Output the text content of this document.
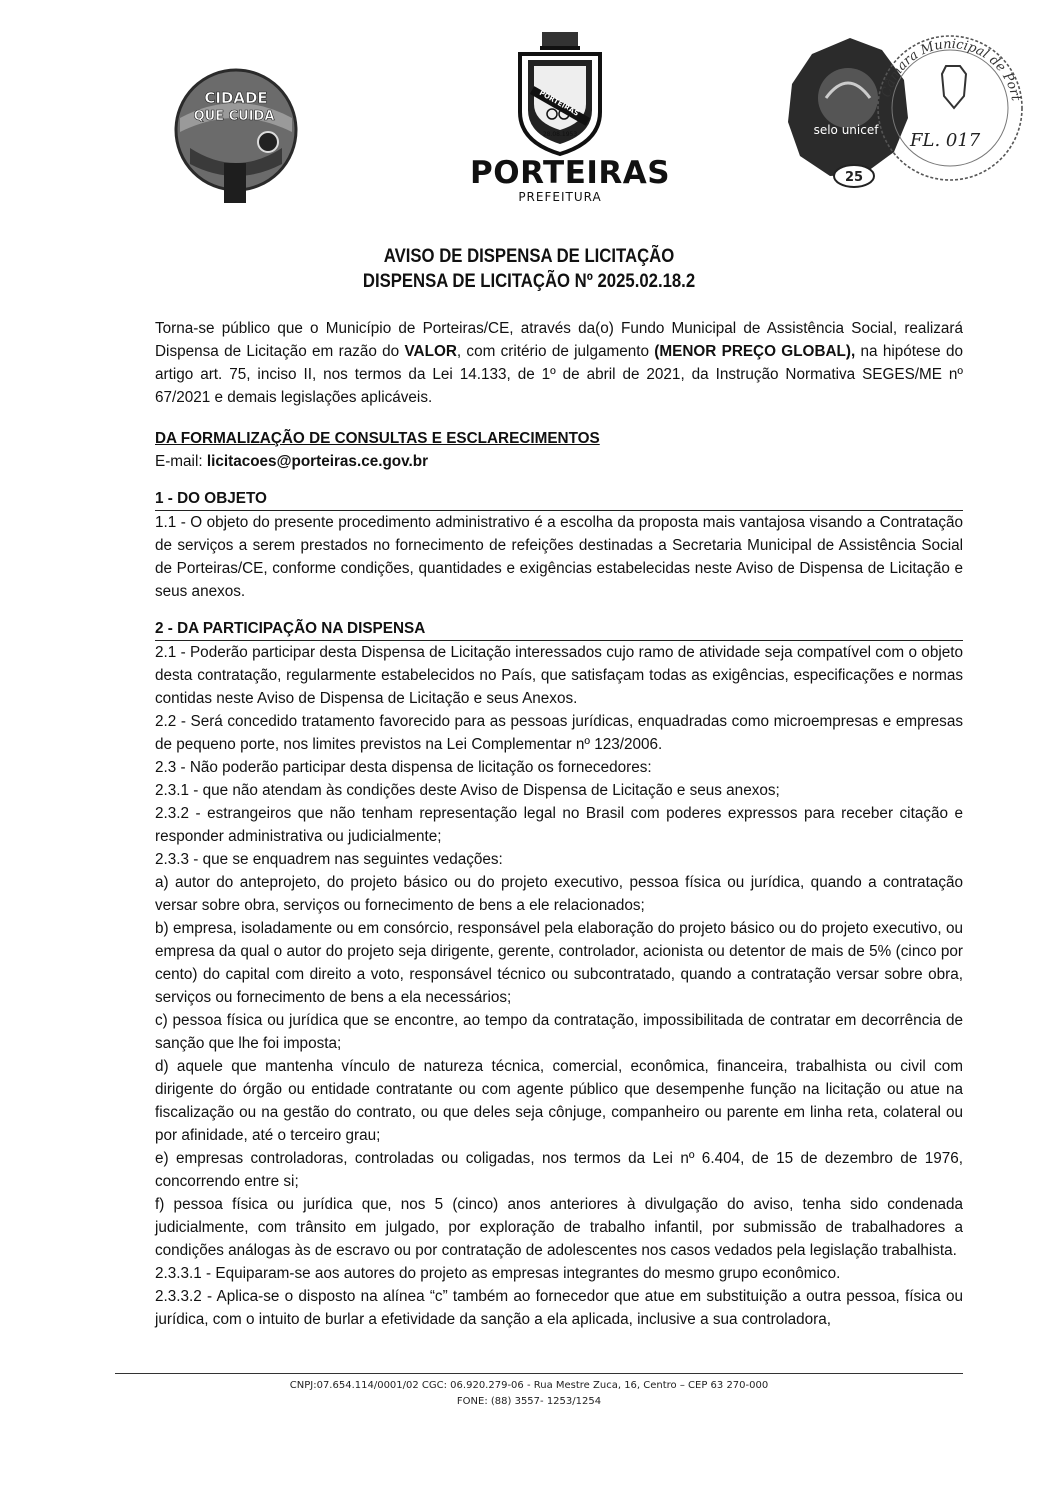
CIDADE
QUE CUIDA	PORTEIRAS
28.08.1953
PORTEIRAS
PREFEITURA
selo unicef
25
Câmara Municipal de Port
FL. 017
AVISO DE DISPENSA DE LICITAÇÃO
DISPENSA DE LICITAÇÃO Nº 2025.02.18.2

Torna-se público que o Município de Porteiras/CE, através da(o) Fundo Municipal de Assistência Social, realizará Dispensa de Licitação em razão do VALOR, com critério de julgamento (MENOR PREÇO GLOBAL), na hipótese do artigo art. 75, inciso II, nos termos da Lei 14.133, de 1º de abril de 2021, da Instrução Normativa SEGES/ME nº 67/2021 e demais legislações aplicáveis.

DA FORMALIZAÇÃO DE CONSULTAS E ESCLARECIMENTOS

E-mail: licitacoes@porteiras.ce.gov.br

1 - DO OBJETO

1.1 - O objeto do presente procedimento administrativo é a escolha da proposta mais vantajosa visando a Contratação de serviços a serem prestados no fornecimento de refeições destinadas a Secretaria Municipal de Assistência Social de Porteiras/CE, conforme condições, quantidades e exigências estabelecidas neste Aviso de Dispensa de Licitação e seus anexos.

2 - DA PARTICIPAÇÃO NA DISPENSA

2.1 - Poderão participar desta Dispensa de Licitação interessados cujo ramo de atividade seja compatível com o objeto desta contratação, regularmente estabelecidos no País, que satisfaçam todas as exigências, especificações e normas contidas neste Aviso de Dispensa de Licitação e seus Anexos.

2.2 - Será concedido tratamento favorecido para as pessoas jurídicas, enquadradas como microempresas e empresas de pequeno porte, nos limites previstos na Lei Complementar nº 123/2006.

2.3 - Não poderão participar desta dispensa de licitação os fornecedores:

2.3.1 - que não atendam às condições deste Aviso de Dispensa de Licitação e seus anexos;

2.3.2 - estrangeiros que não tenham representação legal no Brasil com poderes expressos para receber citação e responder administrativa ou judicialmente;

2.3.3 - que se enquadrem nas seguintes vedações:

a) autor do anteprojeto, do projeto básico ou do projeto executivo, pessoa física ou jurídica, quando a contratação versar sobre obra, serviços ou fornecimento de bens a ele relacionados;

b) empresa, isoladamente ou em consórcio, responsável pela elaboração do projeto básico ou do projeto executivo, ou empresa da qual o autor do projeto seja dirigente, gerente, controlador, acionista ou detentor de mais de 5% (cinco por cento) do capital com direito a voto, responsável técnico ou subcontratado, quando a contratação versar sobre obra, serviços ou fornecimento de bens a ela necessários;

c) pessoa física ou jurídica que se encontre, ao tempo da contratação, impossibilitada de contratar em decorrência de sanção que lhe foi imposta;

d) aquele que mantenha vínculo de natureza técnica, comercial, econômica, financeira, trabalhista ou civil com dirigente do órgão ou entidade contratante ou com agente público que desempenhe função na licitação ou atue na fiscalização ou na gestão do contrato, ou que deles seja cônjuge, companheiro ou parente em linha reta, colateral ou por afinidade, até o terceiro grau;

e) empresas controladoras, controladas ou coligadas, nos termos da Lei nº 6.404, de 15 de dezembro de 1976, concorrendo entre si;

f) pessoa física ou jurídica que, nos 5 (cinco) anos anteriores à divulgação do aviso, tenha sido condenada judicialmente, com trânsito em julgado, por exploração de trabalho infantil, por submissão de trabalhadores a condições análogas às de escravo ou por contratação de adolescentes nos casos vedados pela legislação trabalhista.

2.3.3.1 - Equiparam-se aos autores do projeto as empresas integrantes do mesmo grupo econômico.

2.3.3.2 - Aplica-se o disposto na alínea “c” também ao fornecedor que atue em substituição a outra pessoa, física ou jurídica, com o intuito de burlar a efetividade da sanção a ela aplicada, inclusive a sua controladora,

CNPJ:07.654.114/0001/02 CGC: 06.920.279-06 - Rua Mestre Zuca, 16, Centro – CEP 63 270-000
FONE: (88) 3557- 1253/1254
